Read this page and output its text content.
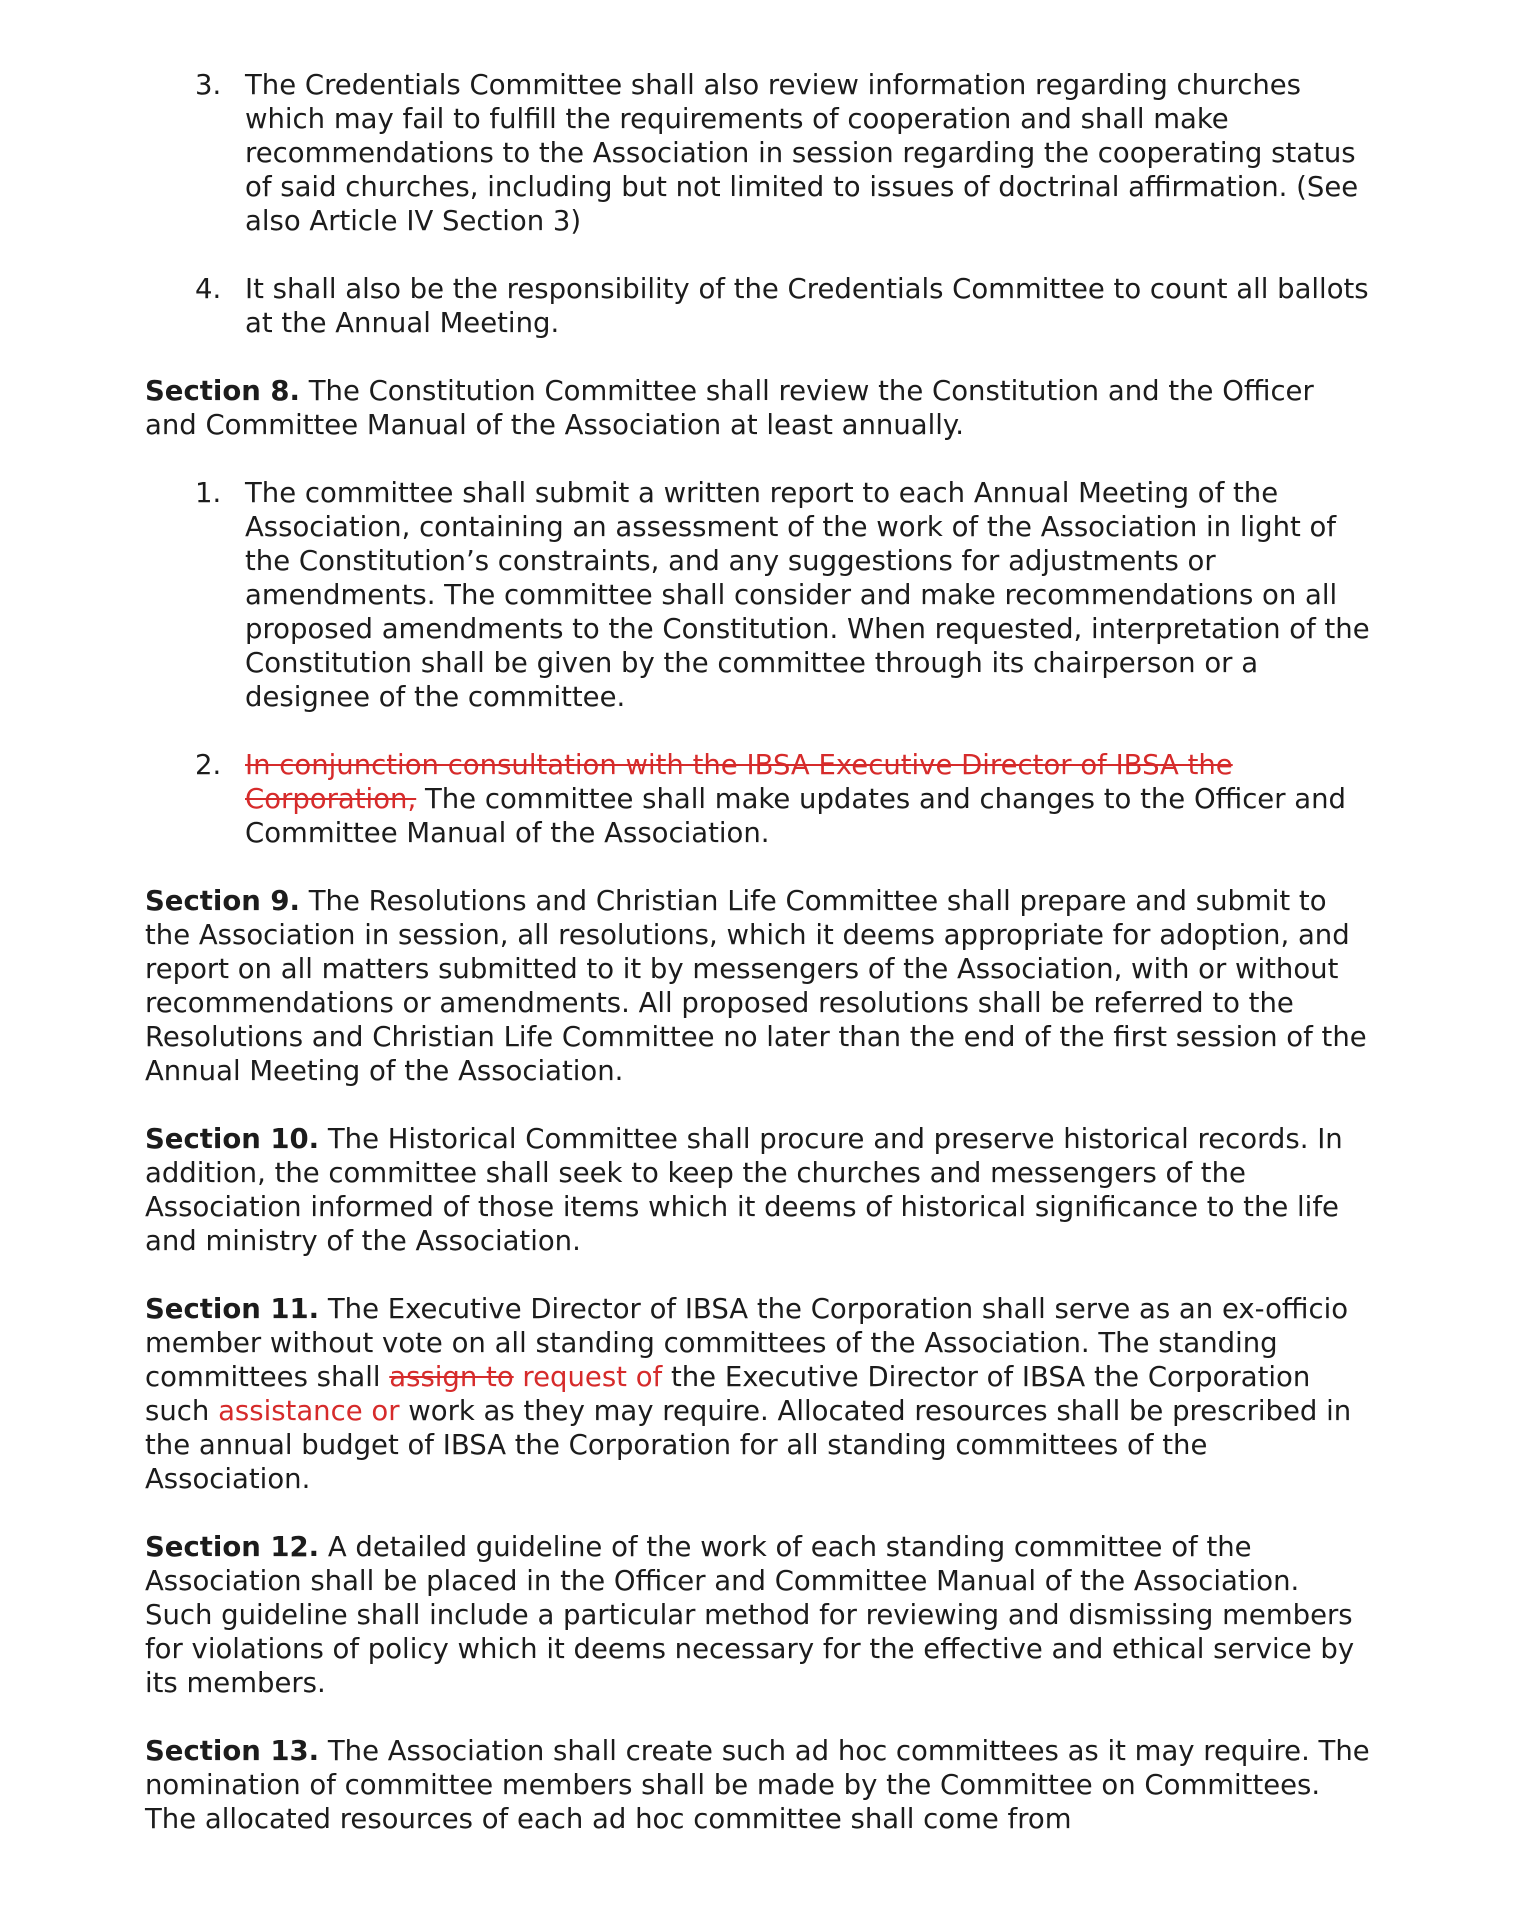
3. The Credentials Committee shall also review information regarding churches which may fail to fulfill the requirements of cooperation and shall make recommendations to the Association in session regarding the cooperating status of said churches, including but not limited to issues of doctrinal affirmation. (See also Article IV Section 3)
4. It shall also be the responsibility of the Credentials Committee to count all ballots at the Annual Meeting.

Section 8. The Constitution Committee shall review the Constitution and the Officer and Committee Manual of the Association at least annually.

1. The committee shall submit a written report to each Annual Meeting of the Association, containing an assessment of the work of the Association in light of the Constitution’s constraints, and any suggestions for adjustments or amendments. The committee shall consider and make recommendations on all proposed amendments to the Constitution. When requested, interpretation of the Constitution shall be given by the committee through its chairperson or a designee of the committee.
2. In conjunction consultation with the IBSA Executive Director of IBSA the Corporation, The committee shall make updates and changes to the Officer and Committee Manual of the Association.

Section 9. The Resolutions and Christian Life Committee shall prepare and submit to the Association in session, all resolutions, which it deems appropriate for adoption, and report on all matters submitted to it by messengers of the Association, with or without recommendations or amendments. All proposed resolutions shall be referred to the Resolutions and Christian Life Committee no later than the end of the first session of the Annual Meeting of the Association.

Section 10. The Historical Committee shall procure and preserve historical records. In addition, the committee shall seek to keep the churches and messengers of the Association informed of those items which it deems of historical significance to the life and ministry of the Association.

Section 11. The Executive Director of IBSA the Corporation shall serve as an ex-officio member without vote on all standing committees of the Association. The standing committees shall assign to request of the Executive Director of IBSA the Corporation such assistance or work as they may require. Allocated resources shall be prescribed in the annual budget of IBSA the Corporation for all standing committees of the Association.

Section 12. A detailed guideline of the work of each standing committee of the Association shall be placed in the Officer and Committee Manual of the Association. Such guideline shall include a particular method for reviewing and dismissing members for violations of policy which it deems necessary for the effective and ethical service by its members.

Section 13. The Association shall create such ad hoc committees as it may require. The nomination of committee members shall be made by the Committee on Committees. The allocated resources of each ad hoc committee shall come from
